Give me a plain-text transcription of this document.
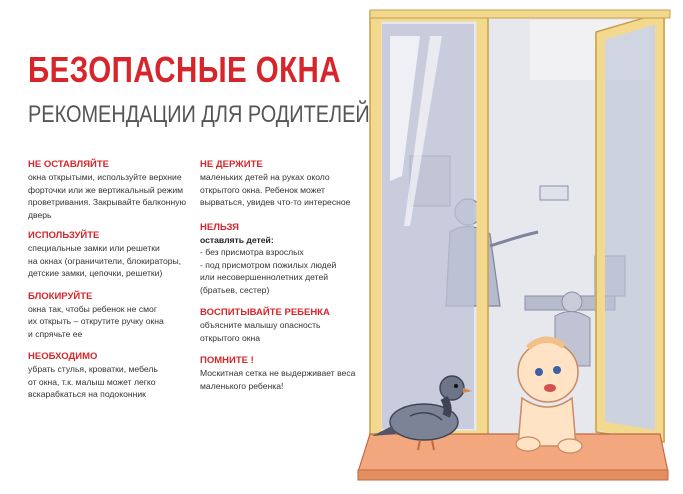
БЕЗОПАСНЫЕ ОКНА
РЕКОМЕНДАЦИИ ДЛЯ РОДИТЕЛЕЙ
НЕ ОСТАВЛЯЙТЕ

окна открытыми, используйте верхние
форточки или же вертикальный режим
проветривания. Закрывайте балконную
дверь

ИСПОЛЬЗУЙТЕ

специальные замки или решетки
на окнах (ограничители, блокираторы,
детские замки, цепочки, решетки)

БЛОКИРУЙТЕ

окна так, чтобы ребенок не смог
их открыть – открутите ручку окна
и спрячьте ее

НЕОБХОДИМО

убрать стулья, кроватки, мебель
от окна, т.к. малыш может легко
вскарабкаться на подоконник

НЕ ДЕРЖИТЕ

маленьких детей на руках около
открытого окна. Ребенок может
вырваться, увидев что-то интересное

НЕЛЬЗЯ
оставлять детей:

- без присмотра взрослых
- под присмотром пожилых людей
или несовершеннолетних детей
(братьев, сестер)

ВОСПИТЫВАЙТЕ РЕБЕНКА

объясните малышу опасность
открытого окна

ПОМНИТЕ !

Москитная сетка не выдерживает веса
маленького ребенка!
